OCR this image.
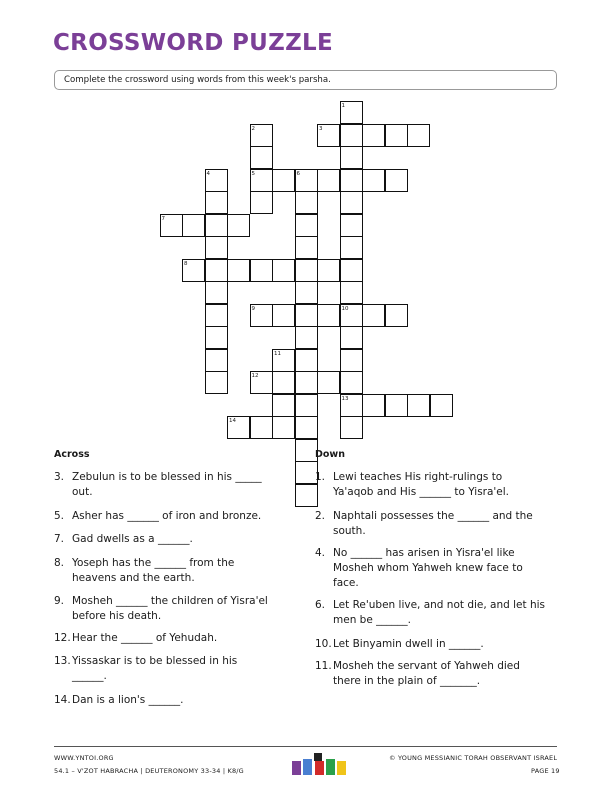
CROSSWORD PUZZLE
Complete the crossword using words from this week's parsha.
1
2	3
4	5	6
7
8
9	10
11
12
13
14
Across	Down
3. Zebulun is to be blessed in his _____
out.
5. Asher has ______ of iron and bronze.
7. Gad dwells as a ______.
8. Yoseph has the ______ from the
heavens and the earth.
9. Mosheh ______ the children of Yisra'el
before his death.
12. Hear the ______ of Yehudah.
13. Yissaskar is to be blessed in his
______.
14. Dan is a lion's ______.
1. Lewi teaches His right-rulings to
Ya'aqob and His ______ to Yisra'el.
2. Naphtali possesses the ______ and the
south.
4. No ______ has arisen in Yisra'el like
Mosheh whom Yahweh knew face to
face.
6. Let Re'uben live, and not die, and let his
men be ______.
10. Let Binyamin dwell in ______.
11. Mosheh the servant of Yahweh died
there in the plain of _______.
WWW.YNTOI.ORG
54.1 – V'ZOT HABRACHA | DEUTERONOMY 33-34 | K8/G
© YOUNG MESSIANIC TORAH OBSERVANT ISRAEL
PAGE 19
